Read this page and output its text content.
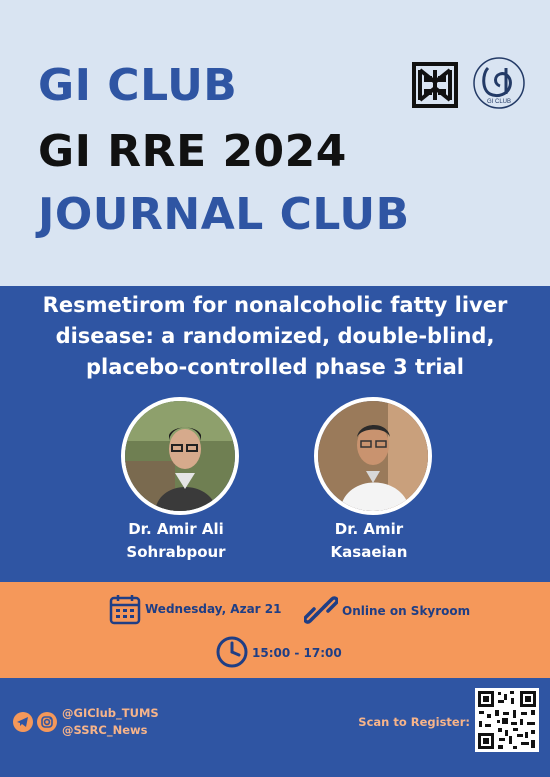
GI CLUB
GI RRE 2024
JOURNAL CLUB
GI CLUB
Resmetirom for nonalcoholic fatty liver disease: a randomized, double-blind, placebo-controlled phase 3 trial
Dr. Amir Ali
Sohrabpour
Dr. Amir
Kasaeian
Wednesday, Azar 21	Online on Skyroom
15:00 - 17:00
@GIClub_TUMS
@SSRC_News
Scan to Register:
